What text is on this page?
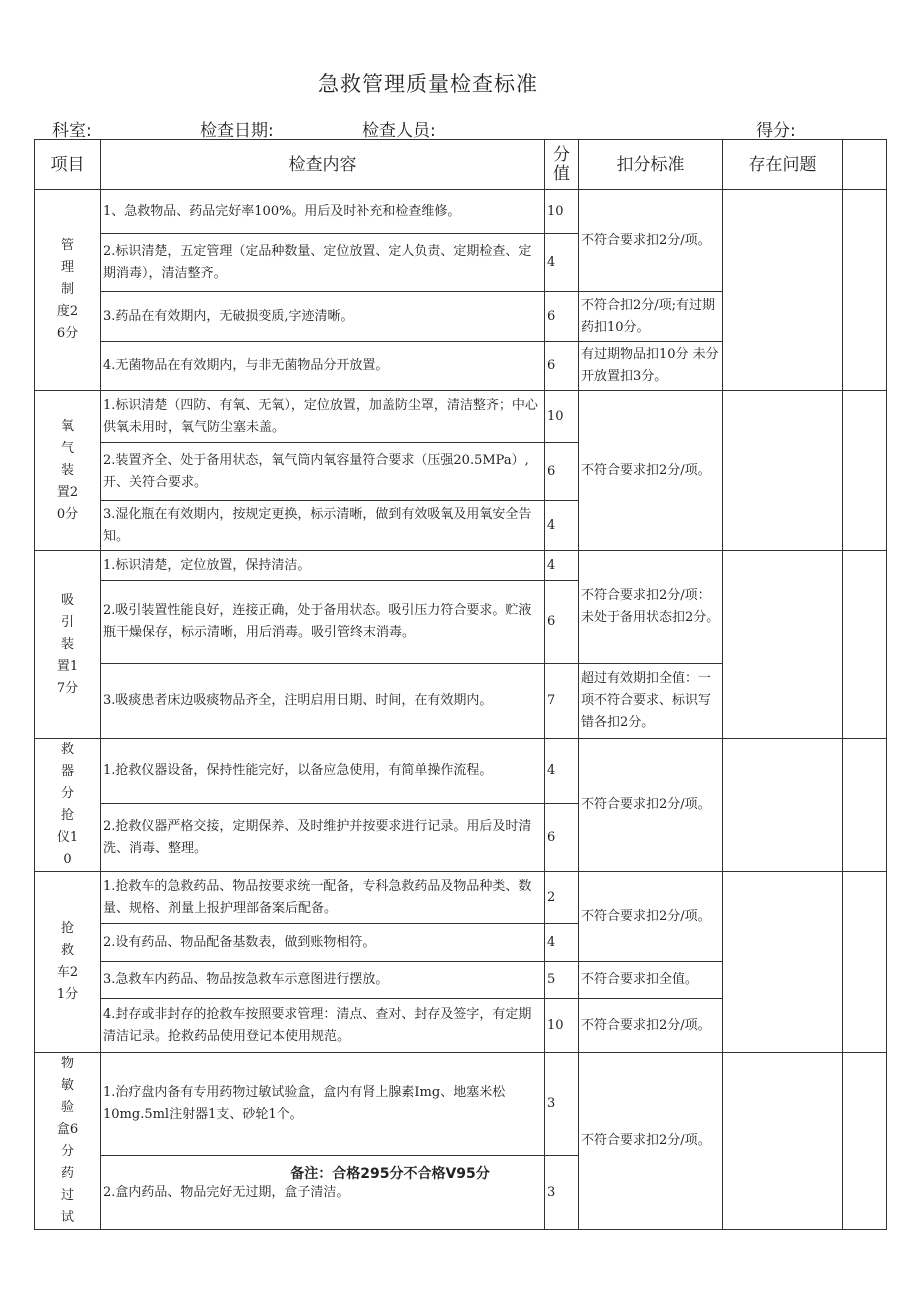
急救管理质量检查标准
科室:	检查日期:	检查人员:	得分:
项目	检查内容	分值	扣分标准	存在问题	
管理制度26分	1、急救物品、药品完好率100%。用后及时补充和检查维修。	10	不符合要求扣2分/项。		
	2.标识清楚，五定管理（定品种数量、定位放置、定人负责、定期检查、定期消毒），清洁整齐。	4			
	3.药品在有效期内，无破损变质,字迹清晰。	6	不符合扣2分/项;有过期药扣10分。		
	4.无菌物品在有效期内，与非无菌物品分开放置。	6	有过期物品扣10分 未分开放置扣3分。		
氧气装置20分	1.标识清楚（四防、有氧、无氧），定位放置，加盖防尘罩，清洁整齐；中心供氧未用时，氧气防尘塞未盖。	10	不符合要求扣2分/项。		
	2.装置齐全、处于备用状态，氧气筒内氧容量符合要求（压强20.5MPa）,开、关符合要求。	6			
	3.湿化瓶在有效期内，按规定更换，标示清晰，做到有效吸氧及用氧安全告知。	4			
吸引装置17分	1.标识清楚，定位放置，保持清洁。	4	不符合要求扣2分/项：未处于备用状态扣2分。		
	2.吸引装置性能良好，连接正确，处于备用状态。吸引压力符合要求。贮液瓶干燥保存，标示清晰，用后消毒。吸引管终末消毒。	6			
	3.吸痰患者床边吸痰物品齐全，注明启用日期、时间，在有效期内。	7	超过有效期扣全值：一项不符合要求、标识写错各扣2分。		
救器分抢仪10	1.抢救仪器设备，保持性能完好，以备应急使用，有简单操作流程。	4	不符合要求扣2分/项。		
	2.抢救仪器严格交接，定期保养、及时维护并按要求进行记录。用后及时清洗、消毒、整理。	6			
抢救车21分	1.抢救车的急救药品、物品按要求统一配备，专科急救药品及物品种类、数量、规格、剂量上报护理部备案后配备。	2	不符合要求扣2分/项。		
	2.设有药品、物品配备基数表，做到账物相符。	4			
	3.急救车内药品、物品按急救车示意图进行摆放。	5	不符合要求扣全值。		
	4.封存或非封存的抢救车按照要求管理：清点、查对、封存及签字，有定期清洁记录。抢救药品使用登记本使用规范。	10	不符合要求扣2分/项。		
物敏验盒6分药过试	1.治疗盘内备有专用药物过敏试验盒，盒内有肾上腺素Img、地塞米松10mg.5ml注射器1支、砂轮1个。	3	不符合要求扣2分/项。		
	2.盒内药品、物品完好无过期，盒子清洁。	3			
备注：合格295分不合格V95分
